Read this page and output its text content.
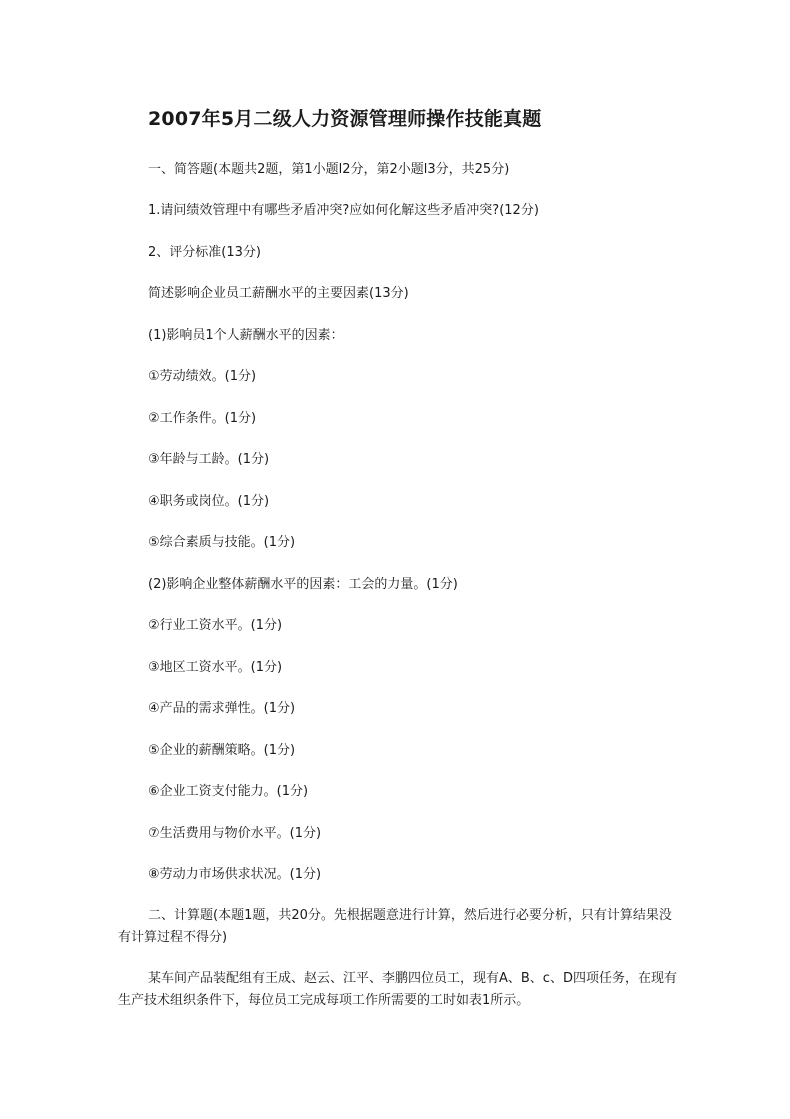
2007年5月二级人力资源管理师操作技能真题
一、简答题(本题共2题，第1小题l2分，第2小题l3分，共25分)
1.请问绩效管理中有哪些矛盾冲突?应如何化解这些矛盾冲突?(12分)
2、评分标准(13分)
简述影响企业员工薪酬水平的主要因素(13分)
(1)影响员1个人薪酬水平的因素：
①劳动绩效。(1分)
②工作条件。(1分)
③年龄与工龄。(1分)
④职务或岗位。(1分)
⑤综合素质与技能。(1分)
(2)影响企业整体薪酬水平的因素：工会的力量。(1分)
②行业工资水平。(1分)
③地区工资水平。(1分)
④产品的需求弹性。(1分)
⑤企业的薪酬策略。(1分)
⑥企业工资支付能力。(1分)
⑦生活费用与物价水平。(1分)
⑧劳动力市场供求状况。(1分)
二、计算题(本题1题，共20分。先根据题意进行计算，然后进行必要分析，只有计算结果没有计算过程不得分)
某车间产品装配组有王成、赵云、江平、李鹏四位员工，现有A、B、c、D四项任务，在现有生产技术组织条件下，每位员工完成每项工作所需要的工时如表1所示。
